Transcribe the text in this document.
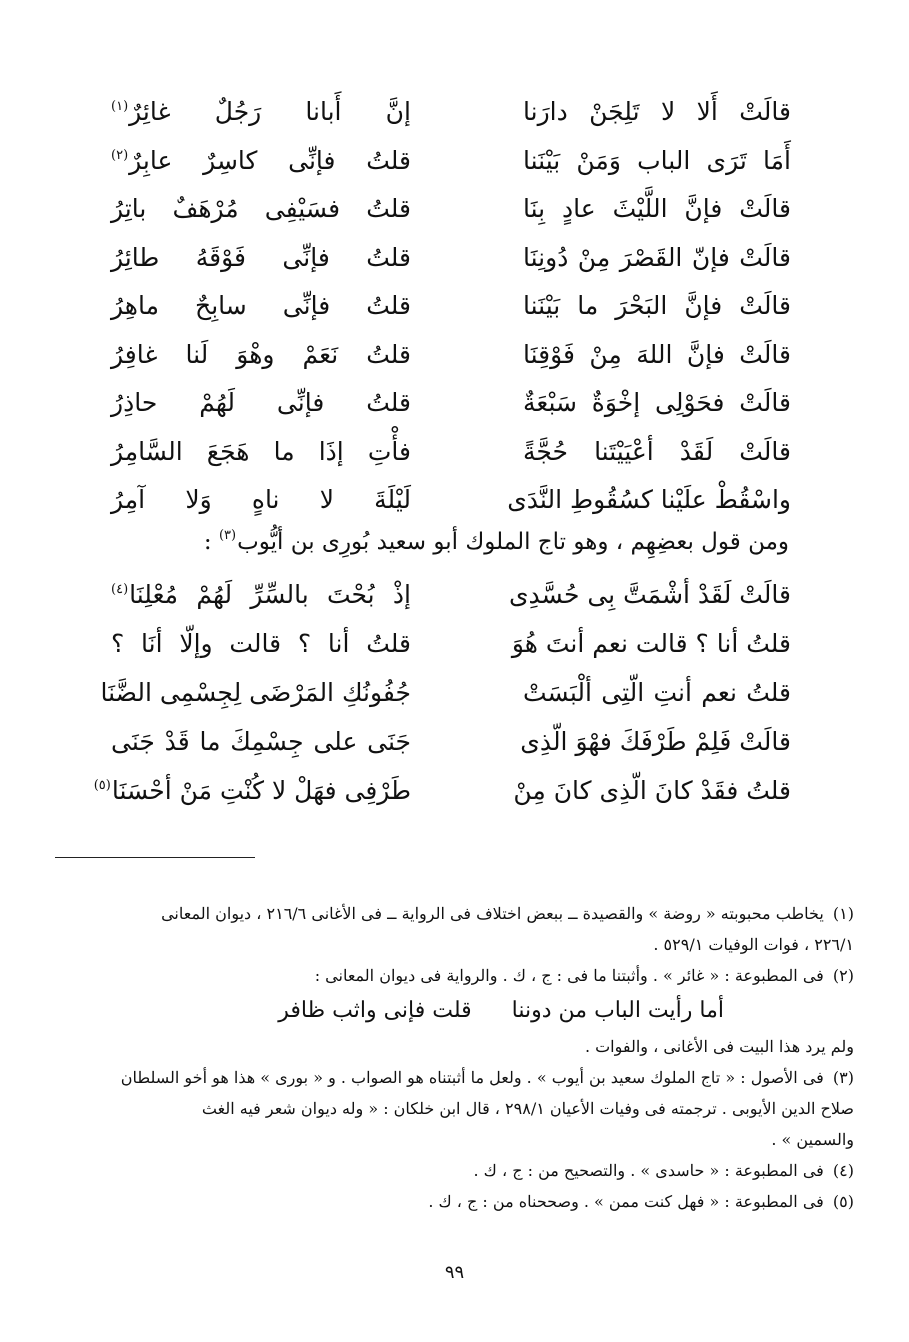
قالَتْ أَلا لا تَلِجَنْ دارَنا
إنَّ أَبانا رَجُلٌ غائِرٌ$^{(١)}$
أَمَا تَرَى الباب وَمَنْ بَيْنَنا
قلتُ فإنِّى كاسِرٌ عابِرٌ$^{(٢)}$
قالَتْ فإنَّ اللَّيْثَ عادٍ بِنَا
قلتُ فسَيْفِى مُرْهَفٌ باتِرُ
قالَتْ فإنّ القَصْرَ مِنْ دُونِنَا
قلتُ فإنِّى فَوْقَهُ طائِرُ
قالَتْ فإنَّ البَحْرَ ما بَيْنَنا
قلتُ فإنِّى سابِحٌ ماهِرُ
قالَتْ فإنَّ اللهَ مِنْ فَوْقِنَا
قلتُ نَعَمْ وهْوَ لَنا غافِرُ
قالَتْ فحَوْلِى إخْوَةٌ سَبْعَةٌ
قلتُ فإنِّى لَهُمْ حاذِرُ
قالَتْ لَقَدْ أعْيَيْتَنا حُجَّةً
فأْتِ إذَا ما هَجَعَ السَّامِرُ
واسْقُطْ علَيْنا كسُقُوطِ النَّدَى
لَيْلَةَ لا ناهٍ وَلا آمِرُ
ومن قول بعضِهِم ، وهو تاج الملوك أبو سعيد بُورِى بن أيُّوب$^{(٣)}$ :
قالَتْ لَقَدْ أشْمَتَّ بِى حُسَّدِى
إذْ بُحْتَ بالسِّرِّ لَهُمْ مُعْلِنَا$^{(٤)}$
قلتُ أنا ؟ قالت نعم أنتَ هُوَ
قلتُ أنا ؟ قالت وإلّا أنَا ؟
قلتُ نعم أنتِ الّتِى ألْبَسَتْ
جُفُونُكِ المَرْضَى لِجِسْمِى الضَّنَا
قالَتْ فَلِمْ طَرْفَكَ فهْوَ الّذِى
جَنَى على جِسْمِكَ ما قَدْ جَنَى
قلتُ فقَدْ كانَ الّذِى كانَ مِنْ
طَرْفِى فهَلْ لا كُنْتِ مَنْ أحْسَنَا$^{(٥)}$

(١) يخاطب محبوبته « روضة » والقصيدة ــ ببعض اختلاف فى الرواية ــ فى الأغانى ٢١٦/٦ ، ديوان المعانى
٢٢٦/١ ، فوات الوفيات ٥٢٩/١ .

(٢) فى المطبوعة : « غائر » . وأثبتنا ما فى : ج ، ك . والرواية فى ديوان المعانى :

أما رأيت الباب من دوننا
قلت فإنى واثب ظافر

ولم يرد هذا البيت فى الأغانى ، والفوات .

(٣) فى الأصول : « تاج الملوك سعيد بن أيوب » . ولعل ما أثبتناه هو الصواب . و « بورى » هذا هو أخو السلطان
صلاح الدين الأيوبى . ترجمته فى وفيات الأعيان ٢٩٨/١ ، قال ابن خلكان : « وله ديوان شعر فيه الغث
والسمين » .

(٤) فى المطبوعة : « حاسدى » . والتصحيح من : ج ، ك .

(٥) فى المطبوعة : « فهل كنت ممن » . وصححناه من : ج ، ك .

٩٩
